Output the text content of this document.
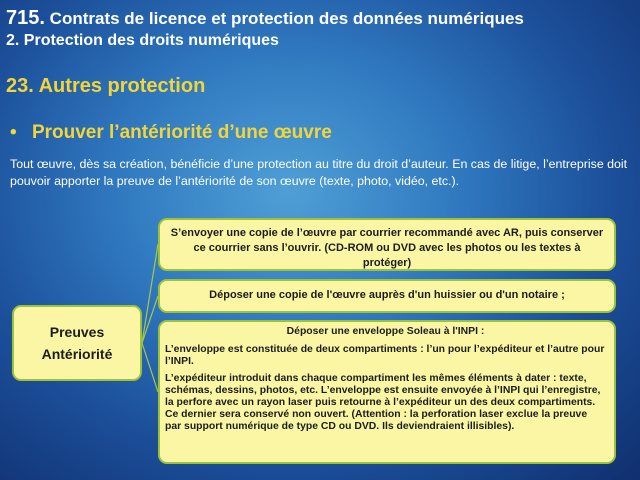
715. Contrats de licence et protection des données numériques
2. Protection des droits numériques
23. Autres protection
• Prouver l’antériorité d’une œuvre
Tout œuvre, dès sa création, bénéficie d’une protection au titre du droit d’auteur. En cas de litige, l’entreprise doit pouvoir apporter la preuve de l’antériorité de son œuvre (texte, photo, vidéo, etc.).
Preuves
Antériorité
S’envoyer une copie de l’œuvre par courrier recommandé avec AR, puis conserver ce courrier sans l’ouvrir. (CD-ROM ou DVD avec les photos ou les textes à protéger)
Déposer une copie de l'œuvre auprès d'un huissier ou d'un notaire ;
Déposer une enveloppe Soleau à l'INPI :

L’enveloppe est constituée de deux compartiments : l’un pour l’expéditeur et l’autre pour l’INPI.

L’expéditeur introduit dans chaque compartiment les mêmes éléments à dater : texte, schémas, dessins, photos, etc. L’enveloppe est ensuite envoyée à l’INPI qui l’enregistre, la perfore avec un rayon laser puis retourne à l’expéditeur un des deux compartiments. Ce dernier sera conservé non ouvert. (Attention : la perforation laser exclue la preuve par support numérique de type CD ou DVD. Ils deviendraient illisibles).
